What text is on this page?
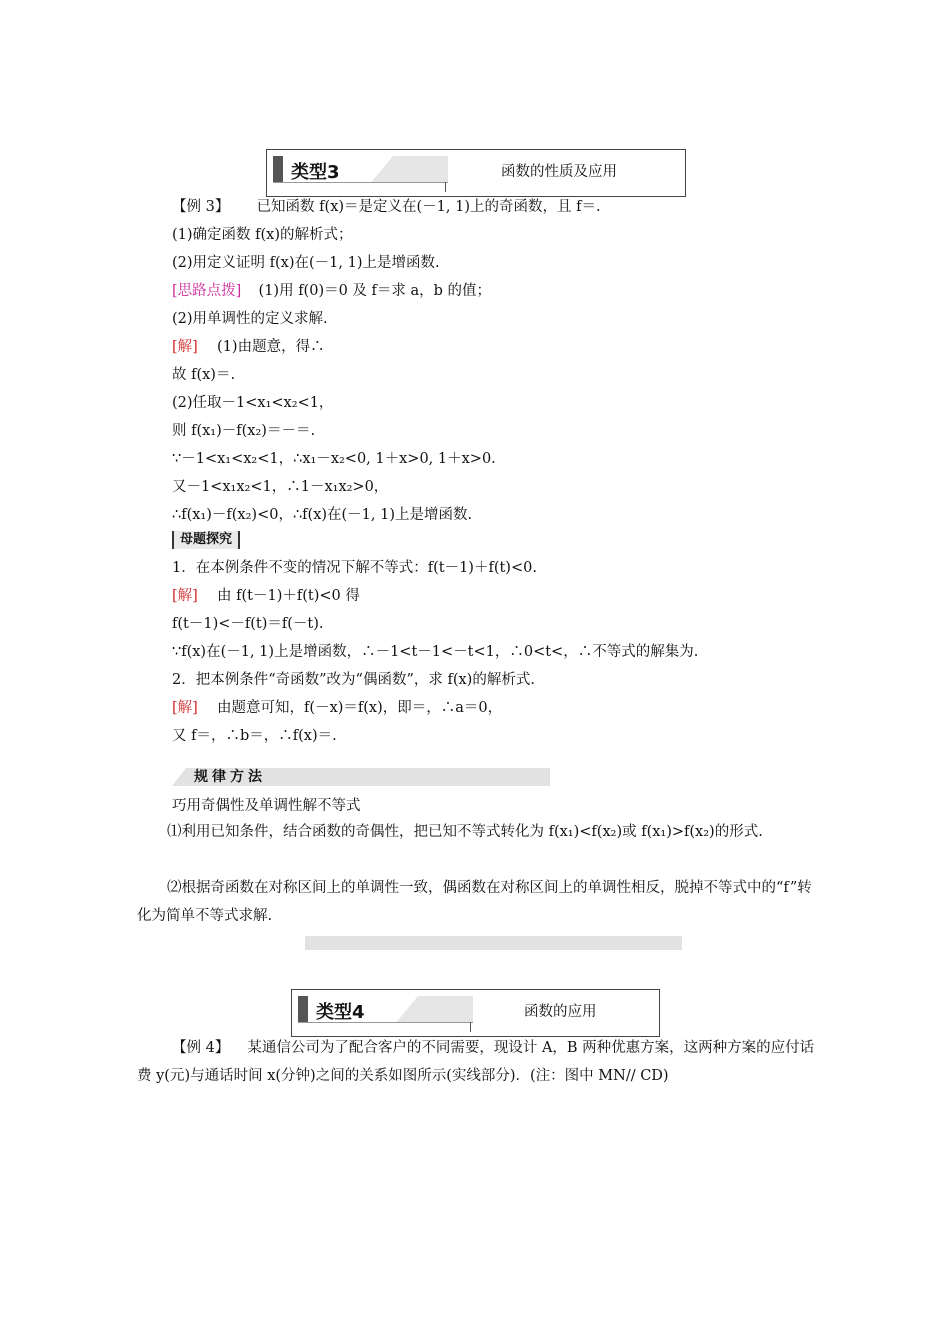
类型3	函数的性质及应用
【例 3】 已知函数 f(x)＝是定义在(－1, 1)上的奇函数，且 f＝.
(1)确定函数 f(x)的解析式；
(2)用定义证明 f(x)在(－1, 1)上是增函数.
[思路点拨] (1)用 f(0)＝0 及 f＝求 a，b 的值；
(2)用单调性的定义求解.
[解] (1)由题意，得∴
故 f(x)＝.
(2)任取－1<x₁<x₂<1，
则 f(x₁)－f(x₂)＝－＝.
∵－1<x₁<x₂<1，∴x₁－x₂<0, 1＋x>0, 1＋x>0.
又－1<x₁x₂<1，∴1－x₁x₂>0，
∴f(x₁)－f(x₂)<0，∴f(x)在(－1, 1)上是增函数.
母题探究
1．在本例条件不变的情况下解不等式：f(t－1)＋f(t)<0.
[解] 由 f(t－1)＋f(t)<0 得
f(t－1)<－f(t)＝f(－t).
∵f(x)在(－1, 1)上是增函数，∴－1<t－1<－t<1，∴0<t<，∴不等式的解集为.
2．把本例条件“奇函数”改为“偶函数”，求 f(x)的解析式.
[解] 由题意可知，f(－x)＝f(x)，即＝，∴a＝0，
又 f＝，∴b＝，∴f(x)＝.
规律方法
巧用奇偶性及单调性解不等式
⑴利用已知条件，结合函数的奇偶性，把已知不等式转化为 f(x₁)<f(x₂)或 f(x₁)>f(x₂)的形式.
⑵根据奇函数在对称区间上的单调性一致，偶函数在对称区间上的单调性相反，脱掉不等式中的“f”转化为简单不等式求解.
类型4	函数的应用
【例 4】 某通信公司为了配合客户的不同需要，现设计 A，B 两种优惠方案，这两种方案的应付话费 y(元)与通话时间 x(分钟)之间的关系如图所示(实线部分)．(注：图中 MN// CD)
